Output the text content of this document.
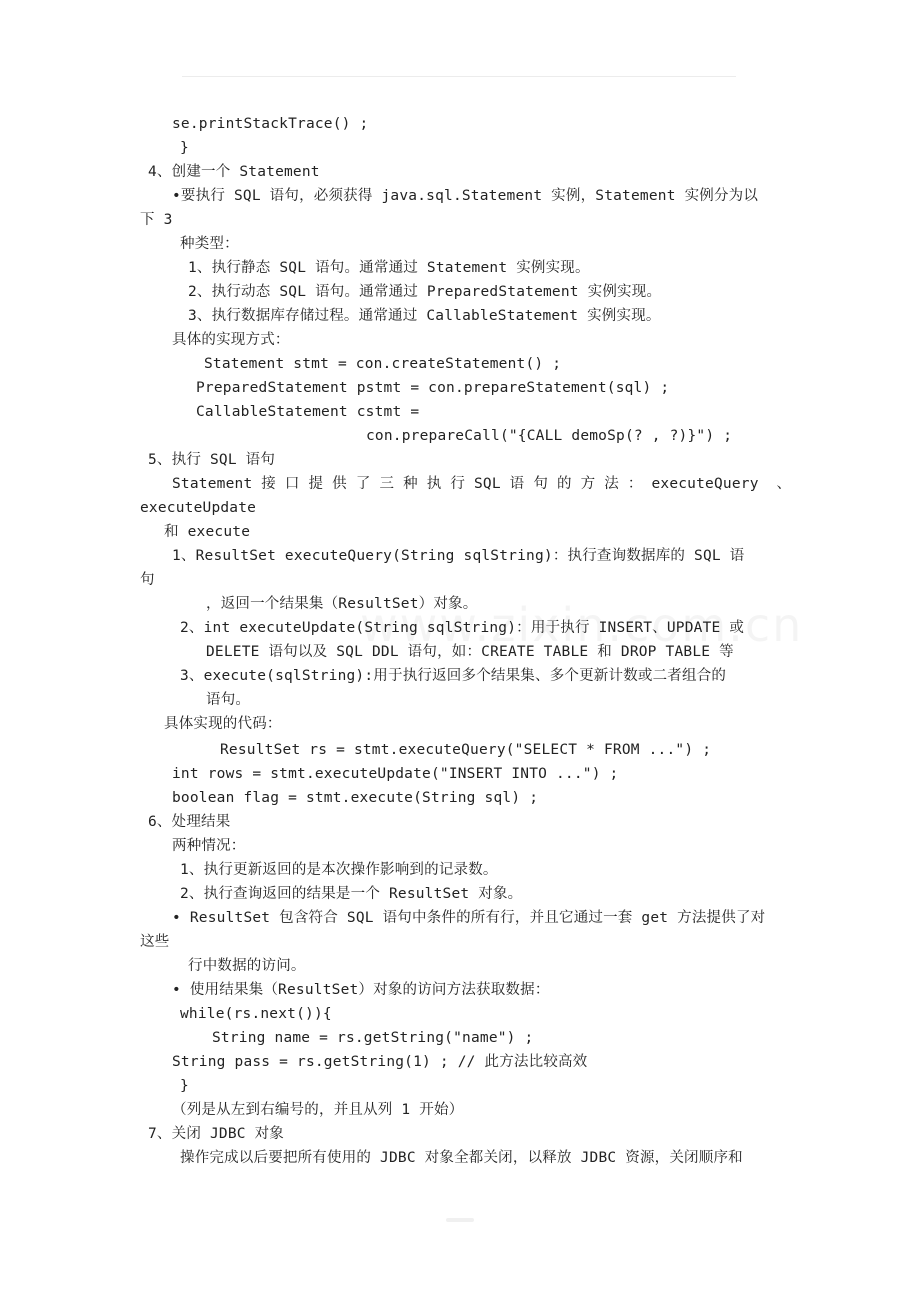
se.printStackTrace() ;
}
4、创建一个 Statement
•要执行 SQL 语句，必须获得 java.sql.Statement 实例，Statement 实例分为以
下 3
种类型：
1、执行静态 SQL 语句。通常通过 Statement 实例实现。
2、执行动态 SQL 语句。通常通过 PreparedStatement 实例实现。
3、执行数据库存储过程。通常通过 CallableStatement 实例实现。
具体的实现方式：
Statement stmt = con.createStatement() ;
PreparedStatement pstmt = con.prepareStatement(sql) ;
CallableStatement cstmt =
con.prepareCall("{CALL demoSp(? , ?)}") ;
5、执行 SQL 语句
Statement 接 口 提 供 了 三 种 执 行 SQL 语 句 的 方 法 ： executeQuery  、
executeUpdate
和 execute
1、ResultSet executeQuery(String sqlString)：执行查询数据库的 SQL 语
句
，返回一个结果集（ResultSet）对象。
2、int executeUpdate(String sqlString)：用于执行 INSERT、UPDATE 或
DELETE 语句以及 SQL DDL 语句，如：CREATE TABLE 和 DROP TABLE 等
3、execute(sqlString):用于执行返回多个结果集、多个更新计数或二者组合的
语句。
具体实现的代码：
ResultSet rs = stmt.executeQuery("SELECT * FROM ...") ;
int rows = stmt.executeUpdate("INSERT INTO ...") ;
boolean flag = stmt.execute(String sql) ;
6、处理结果
两种情况：
1、执行更新返回的是本次操作影响到的记录数。
2、执行查询返回的结果是一个 ResultSet 对象。
• ResultSet 包含符合 SQL 语句中条件的所有行，并且它通过一套 get 方法提供了对
这些
行中数据的访问。
• 使用结果集（ResultSet）对象的访问方法获取数据：
while(rs.next()){
String name = rs.getString("name") ;
String pass = rs.getString(1) ; // 此方法比较高效
}
（列是从左到右编号的，并且从列 1 开始）
7、关闭 JDBC 对象
操作完成以后要把所有使用的 JDBC 对象全都关闭，以释放 JDBC 资源，关闭顺序和
